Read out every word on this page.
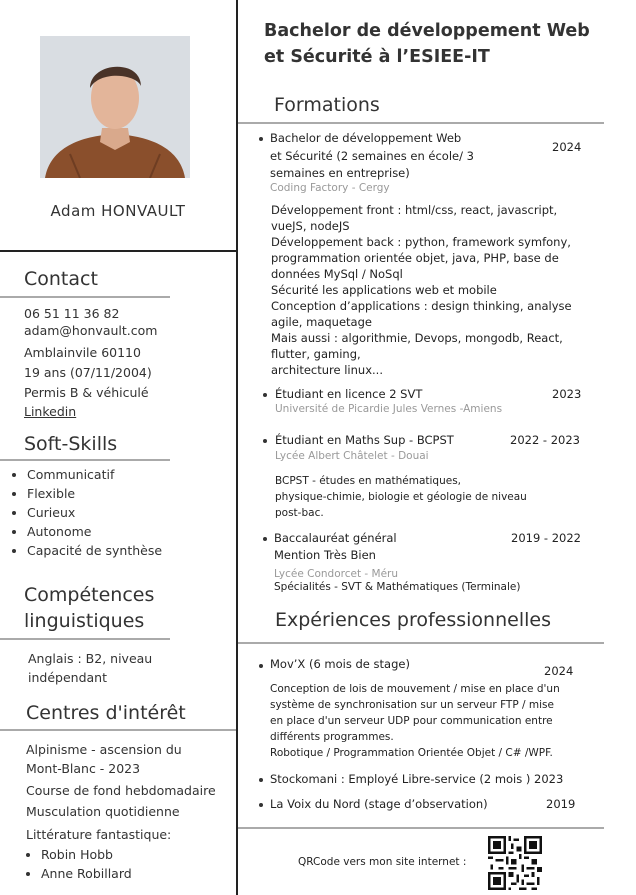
Adam HONVAULT
Contact
06 51 11 36 82
adam@honvault.com
Amblainvile 60110
19 ans (07/11/2004)
Permis B & véhiculé
Linkedin
Soft-Skills
• Communicatif
• Flexible
• Curieux
• Autonome
• Capacité de synthèse
Compétences
linguistiques
Anglais : B2, niveau
indépendant
Centres d'intérêt
Alpinisme - ascension du
Mont-Blanc - 2023
Course de fond hebdomadaire
Musculation quotidienne
Littérature fantastique:
• Robin Hobb
• Anne Robillard
Bachelor de développement Web
et Sécurité à l’ESIEE-IT
Formations
Bachelor de développement Web
et Sécurité (2 semaines en école/ 3
semaines en entreprise)
2024
Coding Factory - Cergy
Développement front : html/css, react, javascript,
vueJS, nodeJS
Développement back : python, framework symfony,
programmation orientée objet, java, PHP, base de
données MySql / NoSql
Sécurité les applications web et mobile
Conception d’applications : design thinking, analyse
agile, maquetage
Mais aussi : algorithmie, Devops, mongodb, React,
flutter, gaming,
architecture linux...
Étudiant en licence 2 SVT	2023
Université de Picardie Jules Vernes -Amiens
Étudiant en Maths Sup - BCPST	2022 - 2023
Lycée Albert Châtelet - Douai
BCPST - études en mathématiques,
physique-chimie, biologie et géologie de niveau
post-bac.
Baccalauréat général
Mention Très Bien
2019 - 2022
Lycée Condorcet - Méru
Spécialités - SVT & Mathématiques (Terminale)
Expériences professionnelles
Mov’X (6 mois de stage)	2024
Conception de lois de mouvement / mise en place d'un
système de synchronisation sur un serveur FTP / mise
en place d'un serveur UDP pour communication entre
différents programmes.
Robotique / Programmation Orientée Objet / C# /WPF.
Stockomani : Employé Libre-service (2 mois ) 2023
La Voix du Nord (stage d’observation)	2019
QRCode vers mon site internet :
